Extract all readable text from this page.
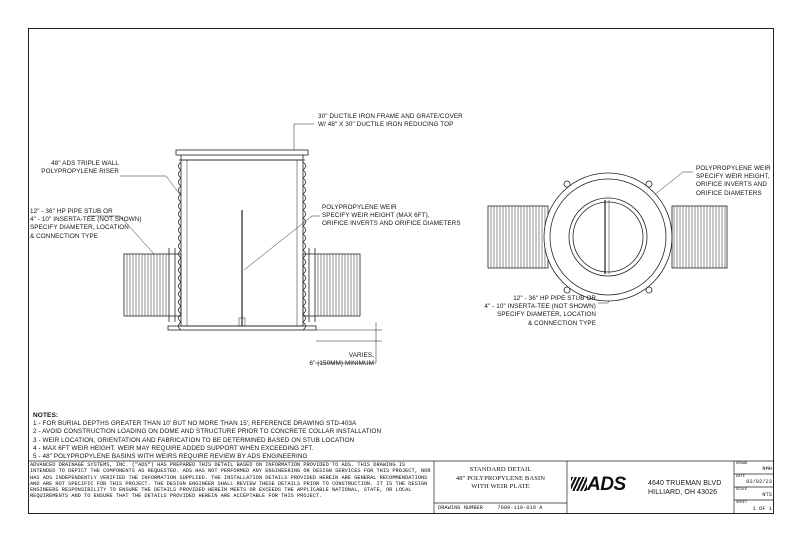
30" DUCTILE IRON FRAME AND GRATE/COVER
W/ 48" X 30" DUCTILE IRON REDUCING TOP
48" ADS TRIPLE WALL
POLYPROPYLENE RISER
12" - 36" HP PIPE STUB OR
4" - 10" INSERTA-TEE (NOT SHOWN)
SPECIFY DIAMETER, LOCATION
& CONNECTION TYPE
POLYPROPYLENE WEIR
SPECIFY WEIR HEIGHT (MAX 6FT),
ORIFICE INVERTS AND ORIFICE DIAMETERS
VARIES,
6" (150MM) MINIMUM
POLYPROPYLENE WEIR
SPECIFY WEIR HEIGHT,
ORIFICE INVERTS AND
ORIFICE DIAMETERS
12" - 36" HP PIPE STUB OR
4" - 10" INSERTA-TEE (NOT SHOWN)
SPECIFY DIAMETER, LOCATION
& CONNECTION TYPE
NOTES:
1 - FOR BURIAL DEPTHS GREATER THAN 10' BUT NO MORE THAN 15', REFERENCE DRAWING STD-403A
2 - AVOID CONSTRUCTION LOADING ON DOME AND STRUCTURE PRIOR TO CONCRETE COLLAR INSTALLATION
3 - WEIR LOCATION, ORIENTATION AND FABRICATION TO BE DETERMINED BASED ON STUB LOCATION
4 - MAX 6FT WEIR HEIGHT. WEIR MAY REQUIRE ADDED SUPPORT WHEN EXCEEDING 2FT.
5 - 48" POLYPROPYLENE BASINS WITH WEIRS REQUIRE REVIEW BY ADS ENGINEERING
ADVANCED DRAINAGE SYSTEMS, INC. ("ADS") HAS PREPARED THIS DETAIL BASED ON INFORMATION PROVIDED TO ADS. THIS DRAWING IS INTENDED TO DEPICT THE COMPONENTS AS REQUESTED. ADS HAS NOT PERFORMED ANY ENGINEERING OR DESIGN SERVICES FOR THIS PROJECT, NOR HAS ADS INDEPENDENTLY VERIFIED THE INFORMATION SUPPLIED. THE INSTALLATION DETAILS PROVIDED HEREIN ARE GENERAL RECOMMENDATIONS AND ARE NOT SPECIFIC FOR THIS PROJECT. THE DESIGN ENGINEER SHALL REVIEW THESE DETAILS PRIOR TO CONSTRUCTION. IT IS THE DESIGN ENGINEERS RESPONSIBILITY TO ENSURE THE DETAILS PROVIDED HEREIN MEETS OR EXCEEDS THE APPLICABLE NATIONAL, STATE, OR LOCAL REQUIREMENTS AND TO ENSURE THAT THE DETAILS PROVIDED HEREIN ARE ACCEPTABLE FOR THIS PROJECT.
STANDARD DETAIL
48" POLYPROPYLENE BASIN
WITH WEIR PLATE
DRAWING NUMBER	7009-110-019 A
ADS	4640 TRUEMAN BLVD
HILLIARD, OH 43026
DRAWN
NMH
DATE
02/02/23
SCALE
NTS
SHEET
1 OF 1
